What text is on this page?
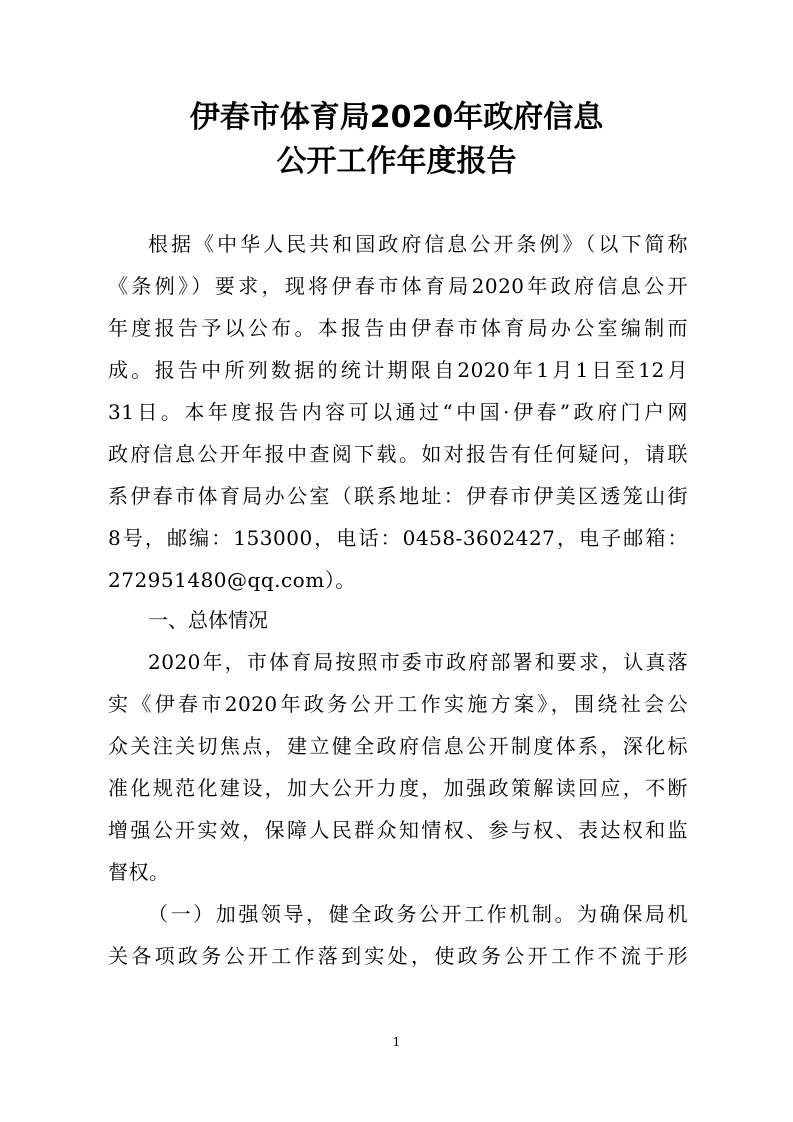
伊春市体育局2020年政府信息
公开工作年度报告
根据《中华人民共和国政府信息公开条例》（以下简称
《条例》）要求，现将伊春市体育局2020年政府信息公开
年度报告予以公布。本报告由伊春市体育局办公室编制而
成。报告中所列数据的统计期限自2020年1月1日至12月
31日。本年度报告内容可以通过“中国·伊春”政府门户网
政府信息公开年报中查阅下载。如对报告有任何疑问，请联
系伊春市体育局办公室（联系地址：伊春市伊美区透笼山街
8号，邮编：153000，电话：0458-3602427，电子邮箱：
272951480@qq.com）。
一、总体情况
2020年，市体育局按照市委市政府部署和要求，认真落
实《伊春市2020年政务公开工作实施方案》，围绕社会公
众关注关切焦点，建立健全政府信息公开制度体系，深化标
准化规范化建设，加大公开力度，加强政策解读回应，不断
增强公开实效，保障人民群众知情权、参与权、表达权和监
督权。
（一）加强领导，健全政务公开工作机制。为确保局机
关各项政务公开工作落到实处，使政务公开工作不流于形
1
